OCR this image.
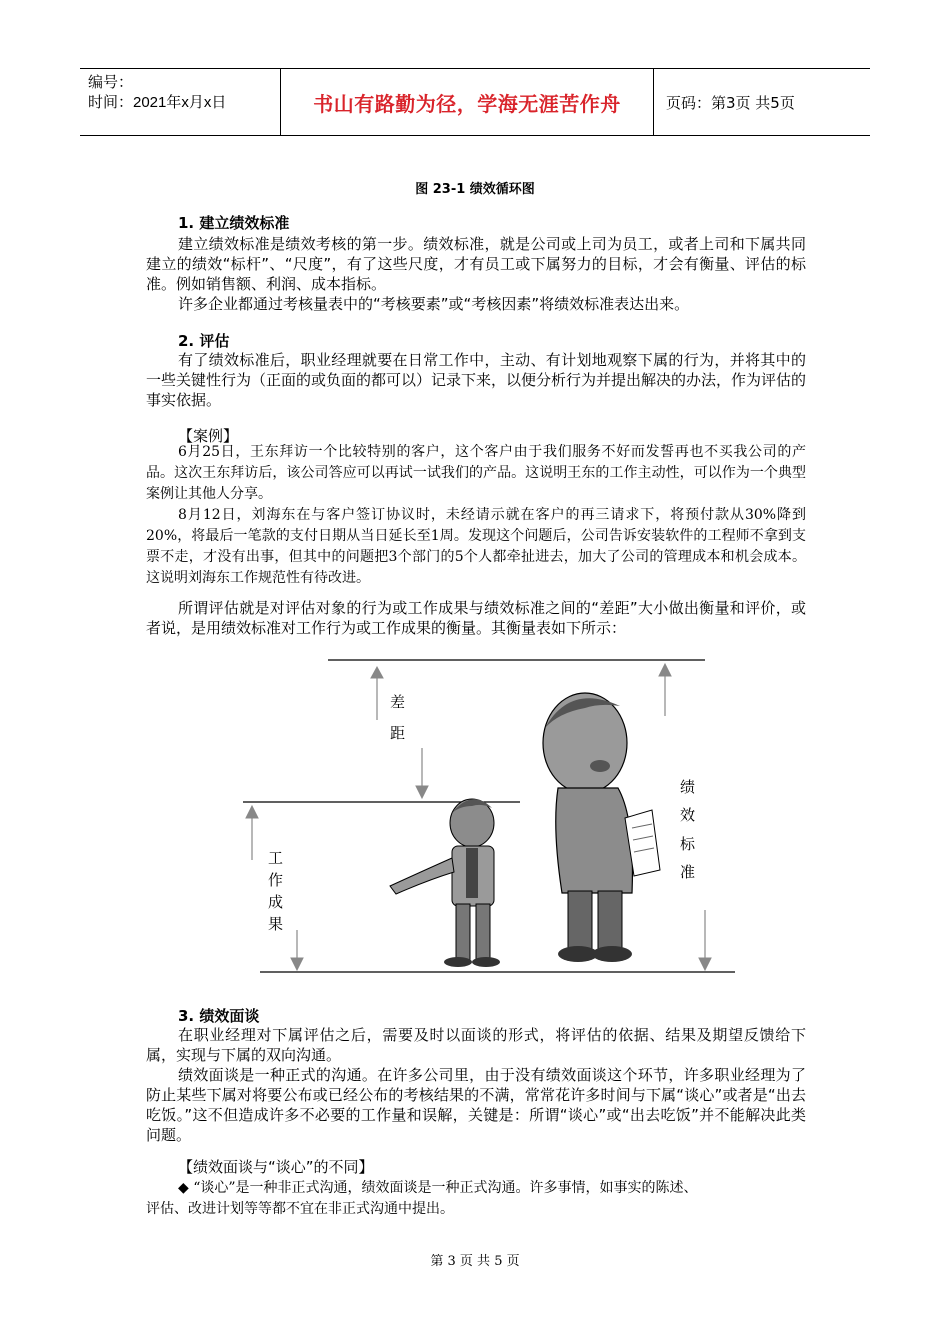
编号：
时间：2021年x月x日	书山有路勤为径，学海无涯苦作舟	页码：第3页 共5页
图 23-1 绩效循环图
1. 建立绩效标准
建立绩效标准是绩效考核的第一步。绩效标准，就是公司或上司为员工，或者上司和下属共同建立的绩效“标杆”、“尺度”，有了这些尺度，才有员工或下属努力的目标，才会有衡量、评估的标准。例如销售额、利润、成本指标。
许多企业都通过考核量表中的“考核要素”或“考核因素”将绩效标准表达出来。
2. 评估
有了绩效标准后，职业经理就要在日常工作中，主动、有计划地观察下属的行为，并将其中的一些关键性行为（正面的或负面的都可以）记录下来，以便分析行为并提出解决的办法，作为评估的事实依据。
【案例】
6月25日，王东拜访一个比较特别的客户，这个客户由于我们服务不好而发誓再也不买我公司的产品。这次王东拜访后，该公司答应可以再试一试我们的产品。这说明王东的工作主动性，可以作为一个典型案例让其他人分享。
8月12日，刘海东在与客户签订协议时，未经请示就在客户的再三请求下，将预付款从30%降到20%，将最后一笔款的支付日期从当日延长至1周。发现这个问题后，公司告诉安装软件的工程师不拿到支票不走，才没有出事，但其中的问题把3个部门的5个人都牵扯进去，加大了公司的管理成本和机会成本。这说明刘海东工作规范性有待改进。
所谓评估就是对评估对象的行为或工作成果与绩效标准之间的“差距”大小做出衡量和评价，或者说，是用绩效标准对工作行为或工作成果的衡量。其衡量表如下所示：
差
距
工
作
成
果
绩
效
标
准
3. 绩效面谈
在职业经理对下属评估之后，需要及时以面谈的形式，将评估的依据、结果及期望反馈给下属，实现与下属的双向沟通。
绩效面谈是一种正式的沟通。在许多公司里，由于没有绩效面谈这个环节，许多职业经理为了防止某些下属对将要公布或已经公布的考核结果的不满，常常花许多时间与下属“谈心”或者是“出去吃饭。”这不但造成许多不必要的工作量和误解，关键是：所谓“谈心”或“出去吃饭”并不能解决此类问题。
【绩效面谈与“谈心”的不同】
◆ “谈心”是一种非正式沟通，绩效面谈是一种正式沟通。许多事情，如事实的陈述、
评估、改进计划等等都不宜在非正式沟通中提出。
第 3 页 共 5 页
